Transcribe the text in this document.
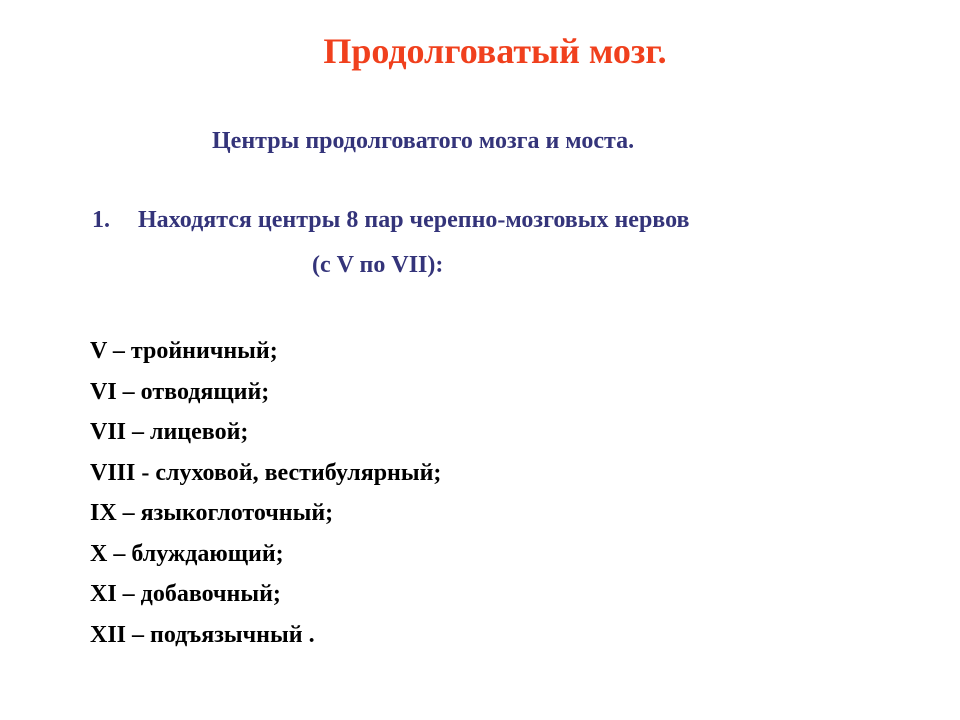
Продолговатый мозг.
Центры продолговатого мозга и моста.
1. Находятся центры 8 пар черепно-мозговых нервов
(с V по VII):
V – тройничный;
VI – отводящий;
VII – лицевой;
VIII - слуховой, вестибулярный;
IX – языкоглоточный;
X – блуждающий;
XI – добавочный;
XII – подъязычный .
